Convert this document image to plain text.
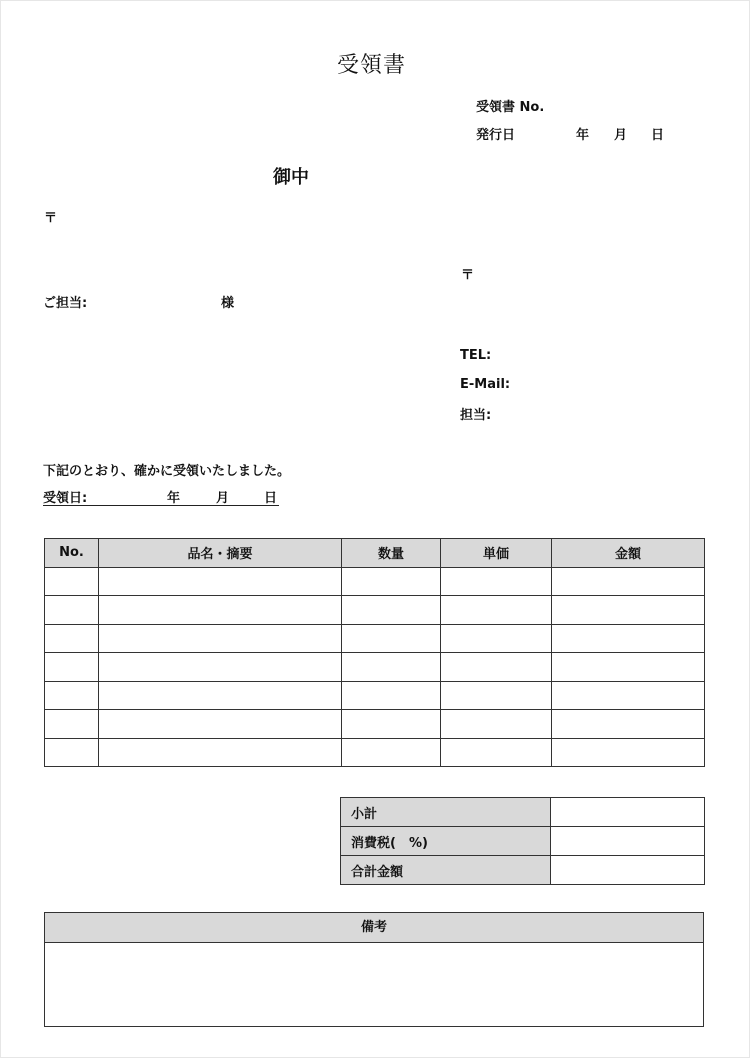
受領書
受領書 No.
発行日	年 月 日
御中
〒
ご担当:	様
〒
TEL:
E-Mail:
担当:
下記のとおり、確かに受領いたしました。
受領日:	年	月	日
No.	品名・摘要	数量	単価	金額

小計	
消費税(　%)	
合計金額	
備考
